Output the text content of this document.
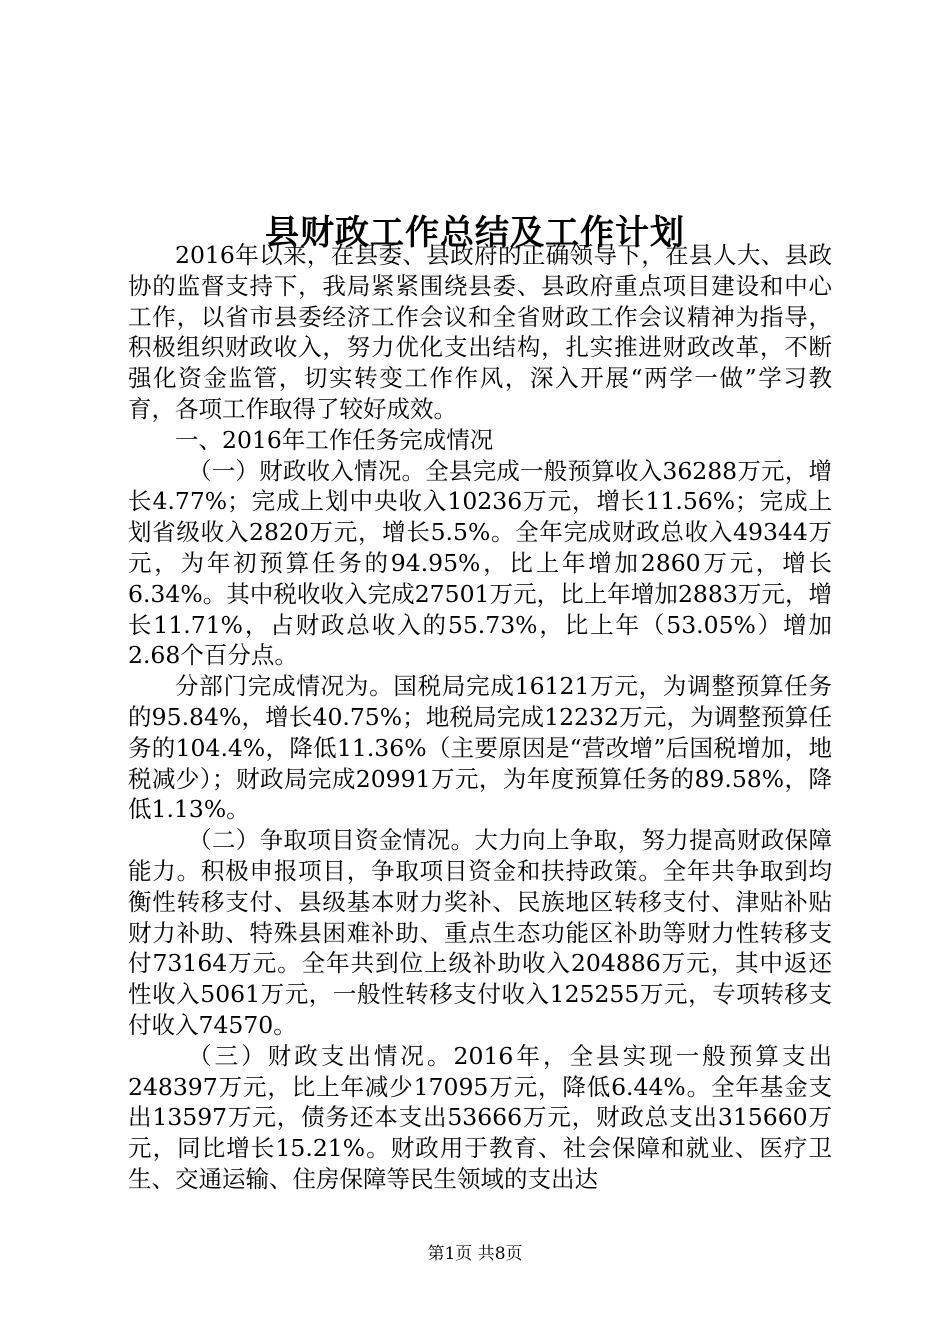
县财政工作总结及工作计划

2016年以来，在县委、县政府的正确领导下，在县人大、县政协的监督支持下，我局紧紧围绕县委、县政府重点项目建设和中心工作，以省市县委经济工作会议和全省财政工作会议精神为指导，积极组织财政收入，努力优化支出结构，扎实推进财政改革，不断强化资金监管，切实转变工作作风，深入开展“两学一做”学习教育，各项工作取得了较好成效。

一、2016年工作任务完成情况

（一）财政收入情况。全县完成一般预算收入36288万元，增长4.77%；完成上划中央收入10236万元，增长11.56%；完成上划省级收入2820万元，增长5.5%。全年完成财政总收入49344万元，为年初预算任务的94.95%，比上年增加2860万元，增长6.34%。其中税收收入完成27501万元，比上年增加2883万元，增长11.71%，占财政总收入的55.73%，比上年（53.05%）增加2.68个百分点。

分部门完成情况为。国税局完成16121万元，为调整预算任务的95.84%，增长40.75%；地税局完成12232万元，为调整预算任务的104.4%，降低11.36%（主要原因是“营改增”后国税增加，地税减少）；财政局完成20991万元，为年度预算任务的89.58%，降低1.13%。

（二）争取项目资金情况。大力向上争取，努力提高财政保障能力。积极申报项目，争取项目资金和扶持政策。全年共争取到均衡性转移支付、县级基本财力奖补、民族地区转移支付、津贴补贴财力补助、特殊县困难补助、重点生态功能区补助等财力性转移支付73164万元。全年共到位上级补助收入204886万元，其中返还性收入5061万元，一般性转移支付收入125255万元，专项转移支付收入74570。

（三）财政支出情况。2016年，全县实现一般预算支出248397万元，比上年减少17095万元，降低6.44%。全年基金支出13597万元，债务还本支出53666万元，财政总支出315660万元，同比增长15.21%。财政用于教育、社会保障和就业、医疗卫生、交通运输、住房保障等民生领域的支出达

第1页 共8页
